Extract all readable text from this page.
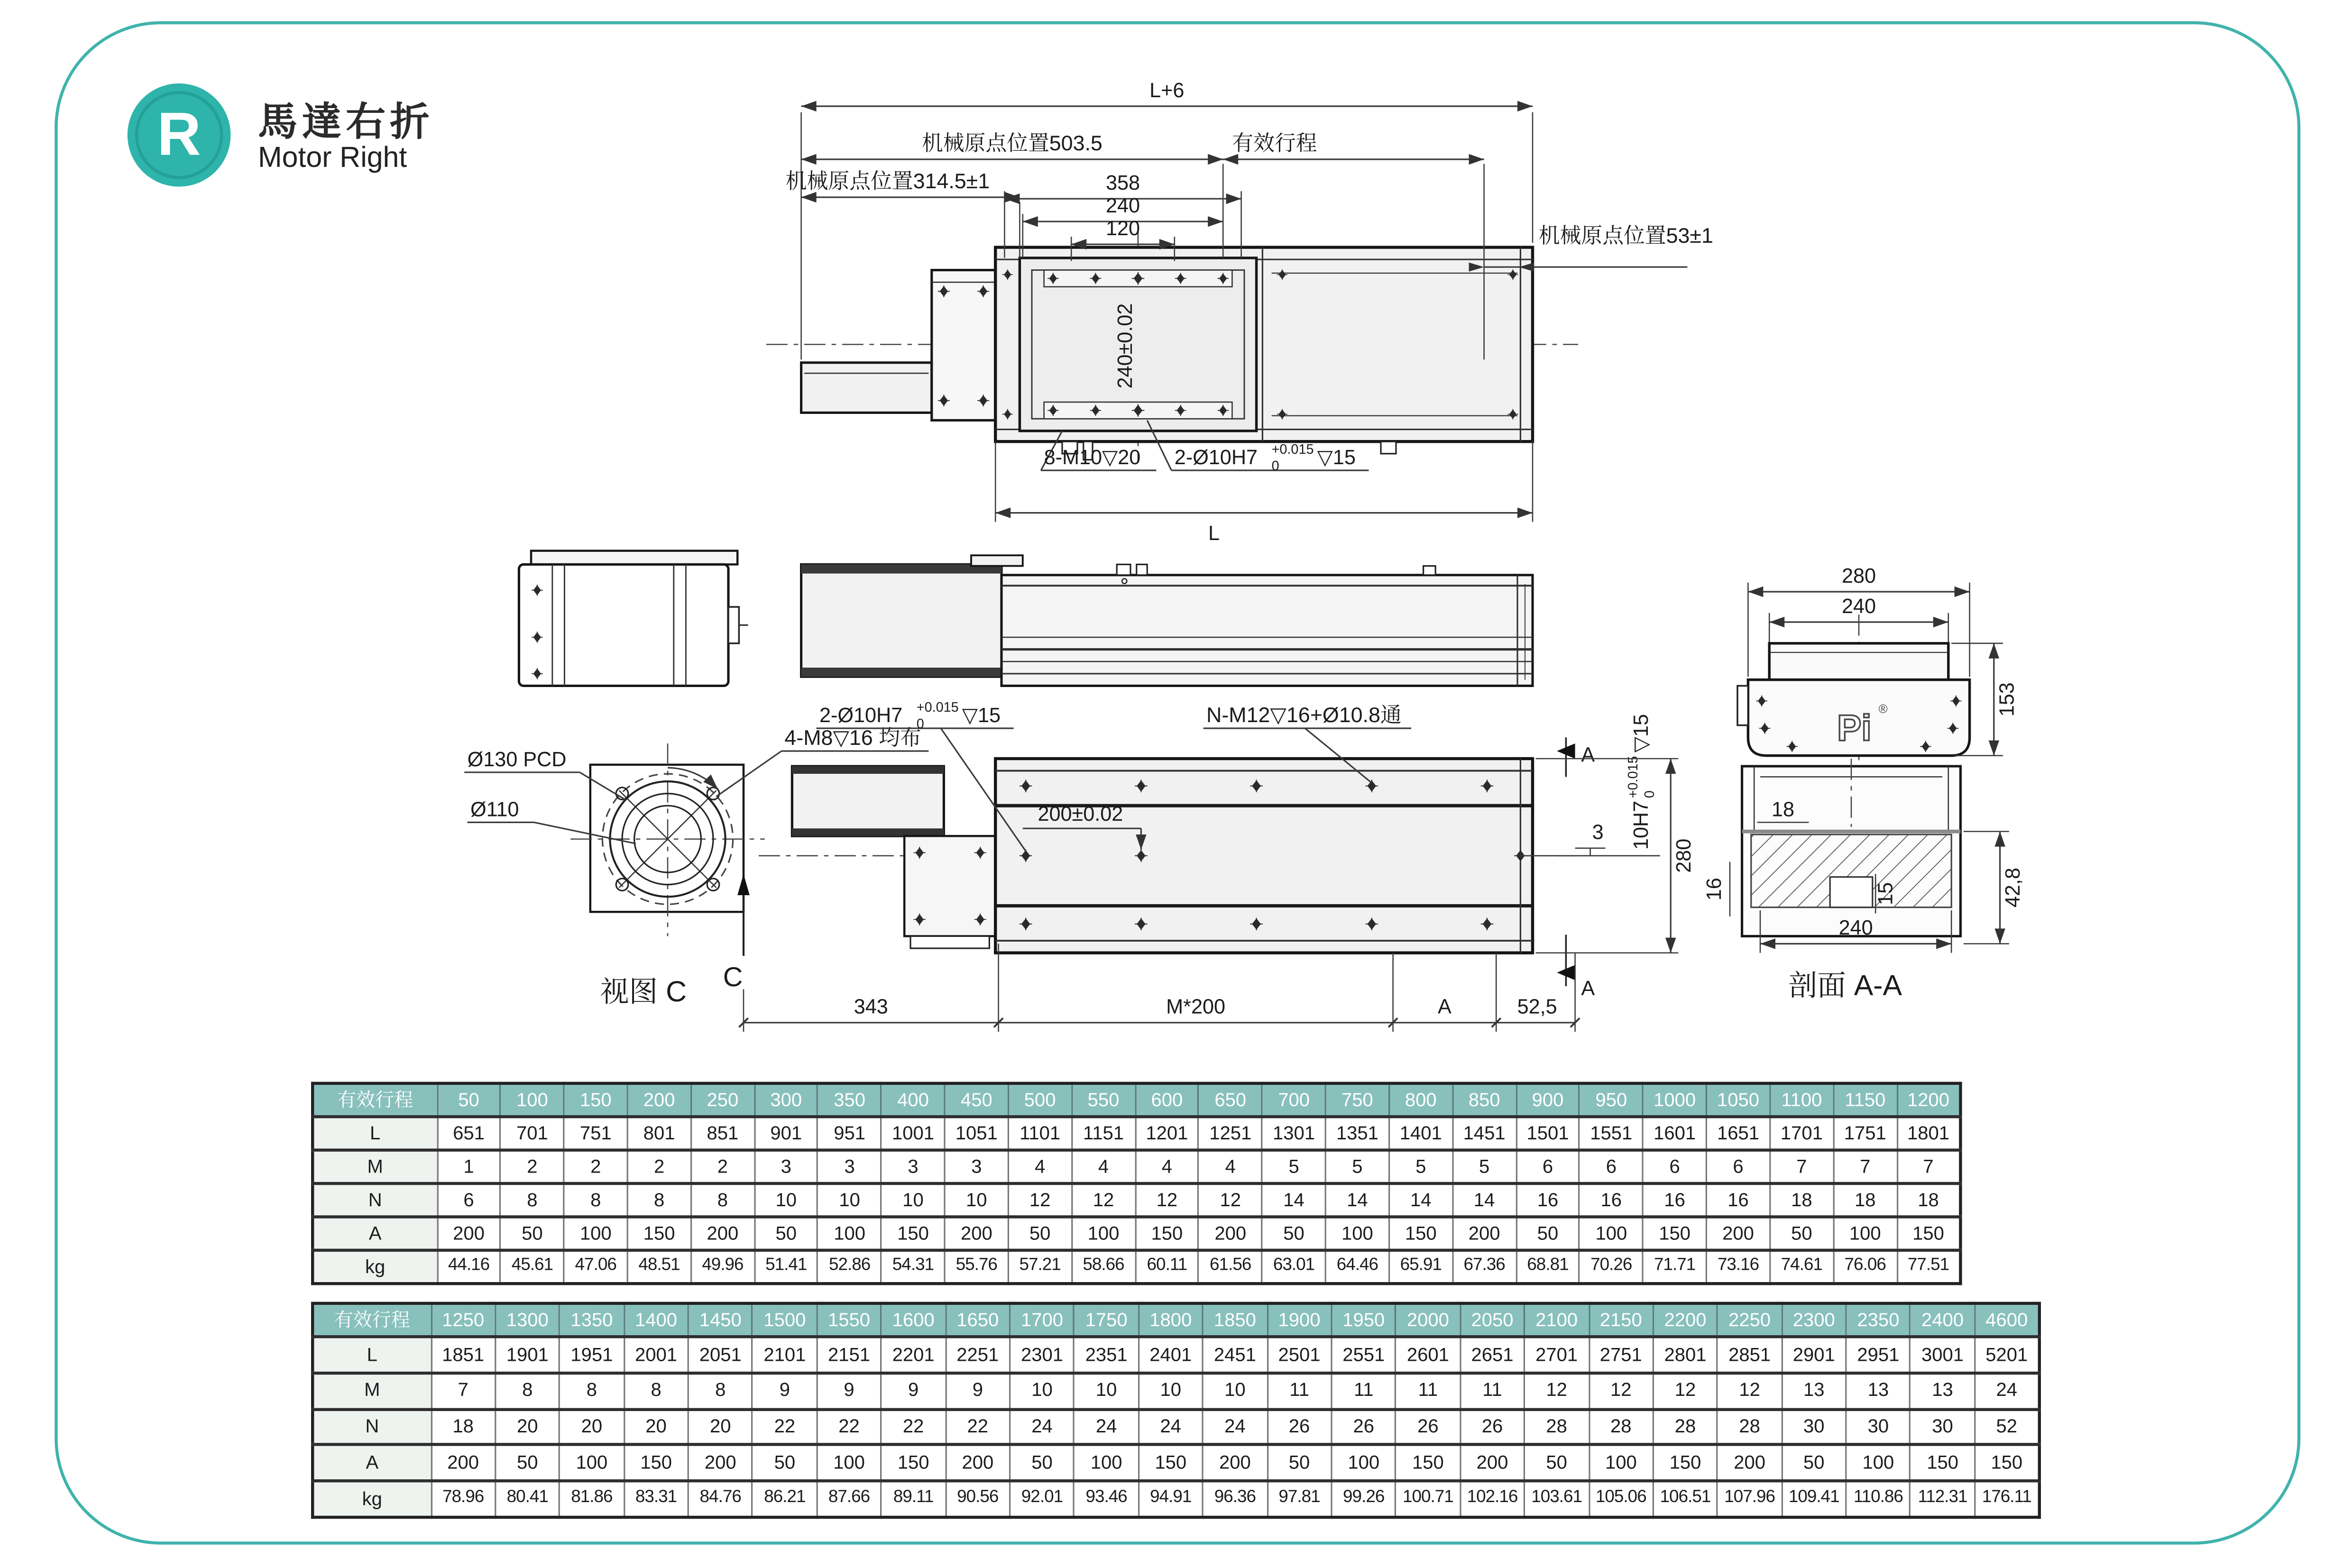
R	馬達右折
Motor Right
L+6
机械原点位置503.5	有效行程
机械原点位置314.5±1
机械原点位置53±1
358
240
120
240±0.02
8-M10▽20	2-Ø10H7	+0.015
0	▽15
L
Ø130 PCD
Ø110
4-M8▽16 均布
视图 C
200±0.02
2-Ø10H7	+0.015
0	▽15	N-M12▽16+Ø10.8通
A
A
3	10H7
+0.015 0
▽15
280
343	M*200	A	52,5
C
280
240
Pi ®	153
18
16
240
15	42,8
剖面 A-A
有效行程	50	100	150	200	250	300	350	400	450	500	550	600	650	700	750	800	850	900	950	1000	1050	1100	1150	1200
L	651	701	751	801	851	901	951	1001	1051	1101	1151	1201	1251	1301	1351	1401	1451	1501	1551	1601	1651	1701	1751	1801
M	1	2	2	2	2	3	3	3	3	4	4	4	4	5	5	5	5	6	6	6	6	7	7	7
N	6	8	8	8	8	10	10	10	10	12	12	12	12	14	14	14	14	16	16	16	16	18	18	18
A	200	50	100	150	200	50	100	150	200	50	100	150	200	50	100	150	200	50	100	150	200	50	100	150
kg	44.16	45.61	47.06	48.51	49.96	51.41	52.86	54.31	55.76	57.21	58.66	60.11	61.56	63.01	64.46	65.91	67.36	68.81	70.26	71.71	73.16	74.61	76.06	77.51
有效行程	1250	1300	1350	1400	1450	1500	1550	1600	1650	1700	1750	1800	1850	1900	1950	2000	2050	2100	2150	2200	2250	2300	2350	2400	4600
L	1851	1901	1951	2001	2051	2101	2151	2201	2251	2301	2351	2401	2451	2501	2551	2601	2651	2701	2751	2801	2851	2901	2951	3001	5201
M	7	8	8	8	8	9	9	9	9	10	10	10	10	11	11	11	11	12	12	12	12	13	13	13	24
N	18	20	20	20	20	22	22	22	22	24	24	24	24	26	26	26	26	28	28	28	28	30	30	30	52
A	200	50	100	150	200	50	100	150	200	50	100	150	200	50	100	150	200	50	100	150	200	50	100	150	150
kg	78.96	80.41	81.86	83.31	84.76	86.21	87.66	89.11	90.56	92.01	93.46	94.91	96.36	97.81	99.26	100.71	102.16	103.61	105.06	106.51	107.96	109.41	110.86	112.31	176.11
